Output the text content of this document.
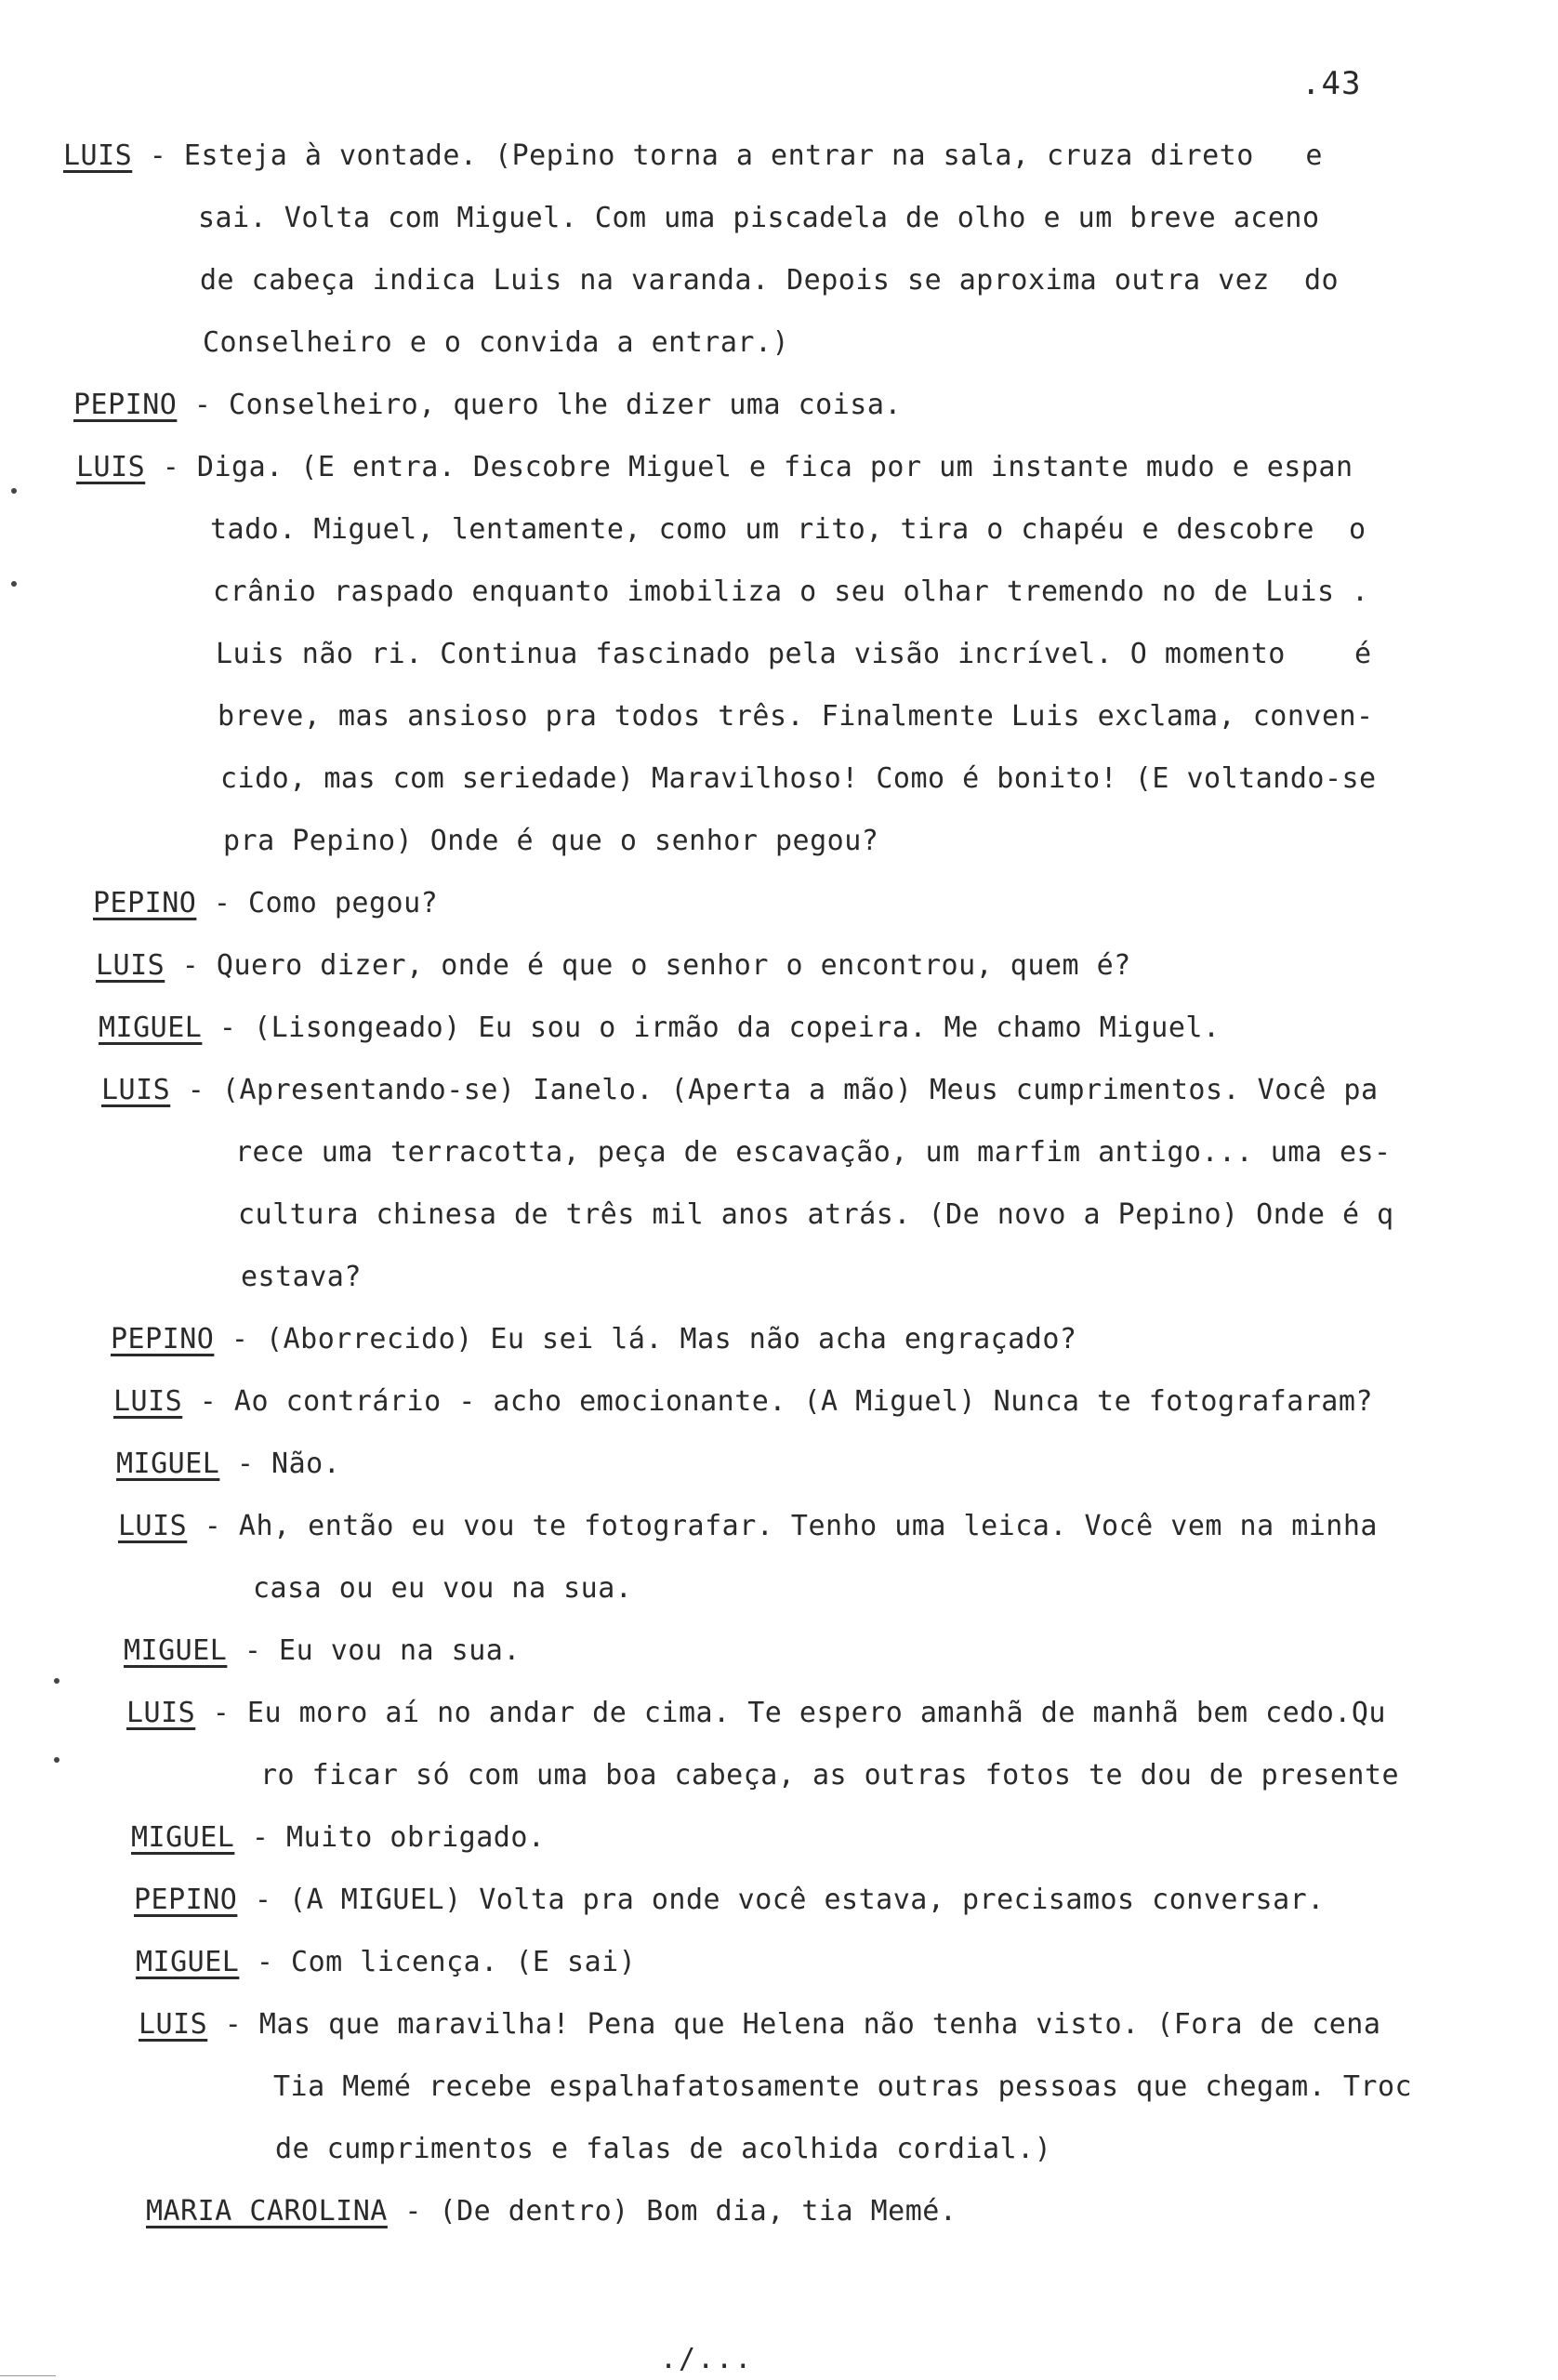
.43
LUIS - Esteja à vontade. (Pepino torna a entrar na sala, cruza direto   e
sai. Volta com Miguel. Com uma piscadela de olho e um breve aceno
de cabeça indica Luis na varanda. Depois se aproxima outra vez  do
Conselheiro e o convida a entrar.)
PEPINO - Conselheiro, quero lhe dizer uma coisa.
LUIS - Diga. (E entra. Descobre Miguel e fica por um instante mudo e espan
tado. Miguel, lentamente, como um rito, tira o chapéu e descobre  o
crânio raspado enquanto imobiliza o seu olhar tremendo no de Luis .
Luis não ri. Continua fascinado pela visão incrível. O momento    é
breve, mas ansioso pra todos três. Finalmente Luis exclama, conven-
cido, mas com seriedade) Maravilhoso! Como é bonito! (E voltando-se
pra Pepino) Onde é que o senhor pegou?
PEPINO - Como pegou?
LUIS - Quero dizer, onde é que o senhor o encontrou, quem é?
MIGUEL - (Lisongeado) Eu sou o irmão da copeira. Me chamo Miguel.
LUIS - (Apresentando-se) Ianelo. (Aperta a mão) Meus cumprimentos. Você pa
rece uma terracotta, peça de escavação, um marfim antigo... uma es-
cultura chinesa de três mil anos atrás. (De novo a Pepino) Onde é q
estava?
PEPINO - (Aborrecido) Eu sei lá. Mas não acha engraçado?
LUIS - Ao contrário - acho emocionante. (A Miguel) Nunca te fotografaram?
MIGUEL - Não.
LUIS - Ah, então eu vou te fotografar. Tenho uma leica. Você vem na minha
casa ou eu vou na sua.
MIGUEL - Eu vou na sua.
LUIS - Eu moro aí no andar de cima. Te espero amanhã de manhã bem cedo.Qu
ro ficar só com uma boa cabeça, as outras fotos te dou de presente
MIGUEL - Muito obrigado.
PEPINO - (A MIGUEL) Volta pra onde você estava, precisamos conversar.
MIGUEL - Com licença. (E sai)
LUIS - Mas que maravilha! Pena que Helena não tenha visto. (Fora de cena
Tia Memé recebe espalhafatosamente outras pessoas que chegam. Troc
de cumprimentos e falas de acolhida cordial.)
MARIA CAROLINA - (De dentro) Bom dia, tia Memé.
./...
